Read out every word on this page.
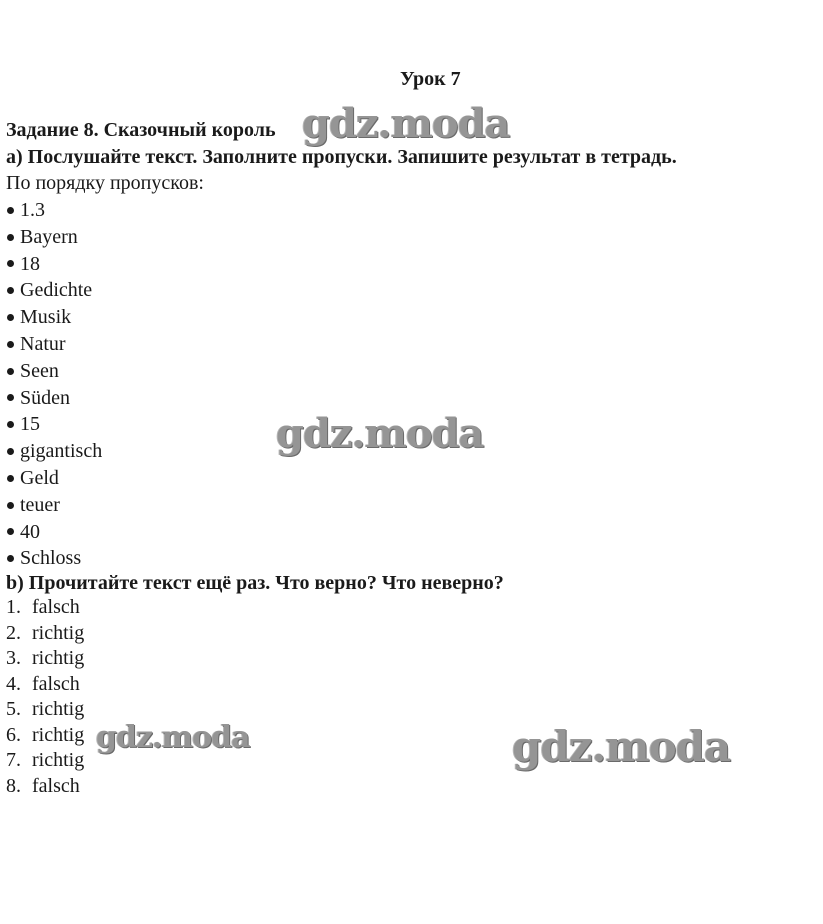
Урок 7
Задание 8. Сказочный король
a) Послушайте текст. Заполните пропуски. Запишите результат в тетрадь.

По порядку пропусков:

1.3
Bayern
18
Gedichte
Musik
Natur
Seen
Süden
15
gigantisch
Geld
teuer
40
Schloss
b) Прочитайте текст ещё раз. Что верно? Что неверно?
1. falsch
2. richtig
3. richtig
4. falsch
5. richtig
6. richtig
7. richtig
8. falsch
gdz.moda
gdz.moda
gdz.moda	gdz.moda
